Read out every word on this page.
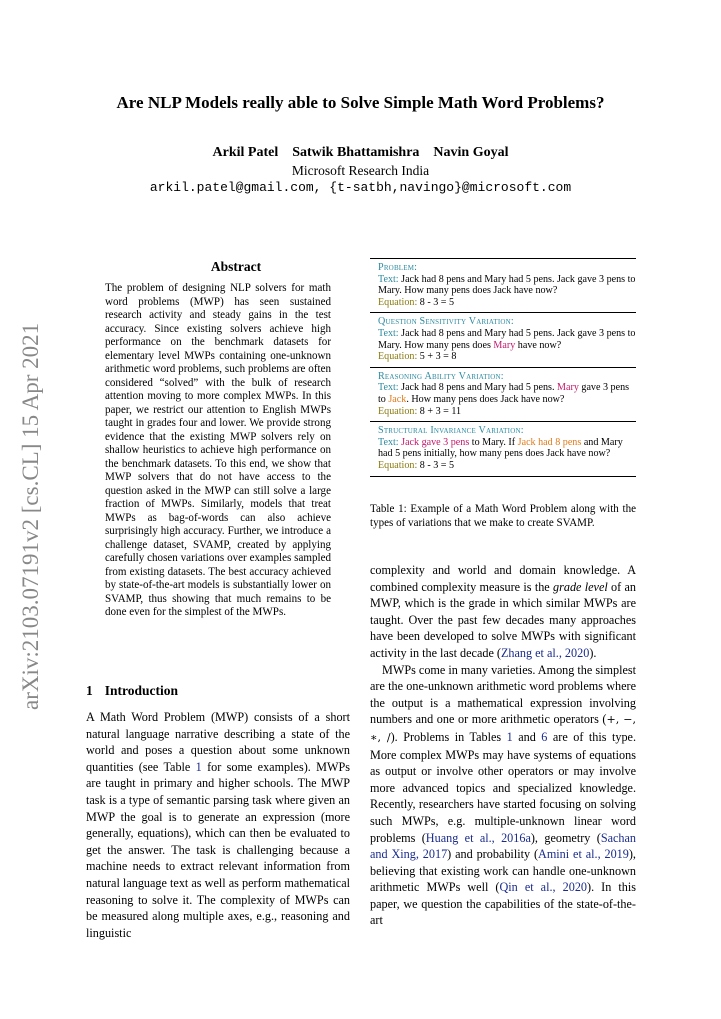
arXiv:2103.07191v2 [cs.CL] 15 Apr 2021
Are NLP Models really able to Solve Simple Math Word Problems?
Arkil Patel Satwik Bhattamishra Navin Goyal
Microsoft Research India
arkil.patel@gmail.com, {t-satbh,navingo}@microsoft.com
Abstract
The problem of designing NLP solvers for math word problems (MWP) has seen sustained research activity and steady gains in the test accuracy. Since existing solvers achieve high performance on the benchmark datasets for elementary level MWPs containing one-unknown arithmetic word problems, such problems are often considered “solved” with the bulk of research attention moving to more complex MWPs. In this paper, we restrict our attention to English MWPs taught in grades four and lower. We provide strong evidence that the existing MWP solvers rely on shallow heuristics to achieve high performance on the benchmark datasets. To this end, we show that MWP solvers that do not have access to the question asked in the MWP can still solve a large fraction of MWPs. Similarly, models that treat MWPs as bag-of-words can also achieve surprisingly high accuracy. Further, we introduce a challenge dataset, SVAMP, created by applying carefully chosen variations over examples sampled from existing datasets. The best accuracy achieved by state-of-the-art models is substantially lower on SVAMP, thus showing that much remains to be done even for the simplest of the MWPs.
1 Introduction
A Math Word Problem (MWP) consists of a short natural language narrative describing a state of the world and poses a question about some unknown quantities (see Table 1 for some examples). MWPs are taught in primary and higher schools. The MWP task is a type of semantic parsing task where given an MWP the goal is to generate an expression (more generally, equations), which can then be evaluated to get the answer. The task is challenging because a machine needs to extract relevant information from natural language text as well as perform mathematical reasoning to solve it. The complexity of MWPs can be measured along multiple axes, e.g., reasoning and linguistic
Problem:
Text: Jack had 8 pens and Mary had 5 pens. Jack gave 3 pens to Mary. How many pens does Jack have now?
Equation: 8 - 3 = 5
Question Sensitivity Variation:
Text: Jack had 8 pens and Mary had 5 pens. Jack gave 3 pens to Mary. How many pens does Mary have now?
Equation: 5 + 3 = 8
Reasoning Ability Variation:
Text: Jack had 8 pens and Mary had 5 pens. Mary gave 3 pens to Jack. How many pens does Jack have now?
Equation: 8 + 3 = 11
Structural Invariance Variation:
Text: Jack gave 3 pens to Mary. If Jack had 8 pens and Mary had 5 pens initially, how many pens does Jack have now?
Equation: 8 - 3 = 5
Table 1: Example of a Math Word Problem along with the types of variations that we make to create SVAMP.

complexity and world and domain knowledge. A combined complexity measure is the grade level of an MWP, which is the grade in which similar MWPs are taught. Over the past few decades many approaches have been developed to solve MWPs with significant activity in the last decade (Zhang et al., 2020).

MWPs come in many varieties. Among the simplest are the one-unknown arithmetic word problems where the output is a mathematical expression involving numbers and one or more arithmetic operators (+, −, ∗, /). Problems in Tables 1 and 6 are of this type. More complex MWPs may have systems of equations as output or involve other operators or may involve more advanced topics and specialized knowledge. Recently, researchers have started focusing on solving such MWPs, e.g. multiple-unknown linear word problems (Huang et al., 2016a), geometry (Sachan and Xing, 2017) and probability (Amini et al., 2019), believing that existing work can handle one-unknown arithmetic MWPs well (Qin et al., 2020). In this paper, we question the capabilities of the state-of-the-art
